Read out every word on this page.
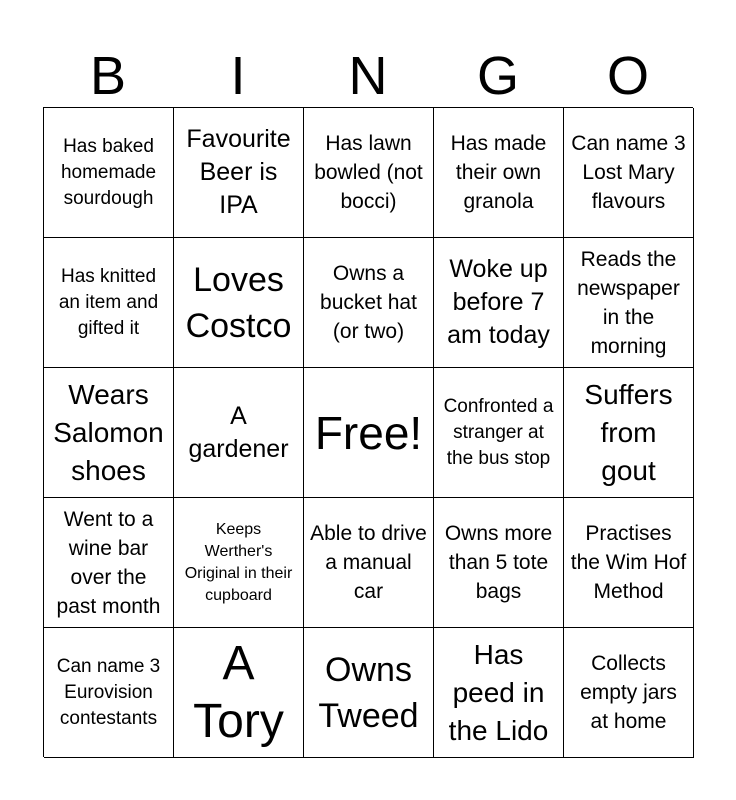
B	I	N	G	O
Has baked homemade sourdough
Favourite Beer is IPA
Has lawn bowled (not bocci)
Has made their own granola
Can name 3 Lost Mary flavours
Has knitted an item and gifted it
Loves Costco
Owns a bucket hat (or two)
Woke up before 7 am today
Reads the newspaper in the morning
Wears Salomon shoes
A gardener Free!
Confronted a stranger at the bus stop
Suffers from gout
Went to a wine bar over the past month
Keeps Werther's Original in their cupboard
Able to drive a manual car
Owns more than 5 tote bags
Practises the Wim Hof Method
Can name 3 Eurovision contestants
A Tory
Owns Tweed
Has peed in the Lido
Collects empty jars at home
